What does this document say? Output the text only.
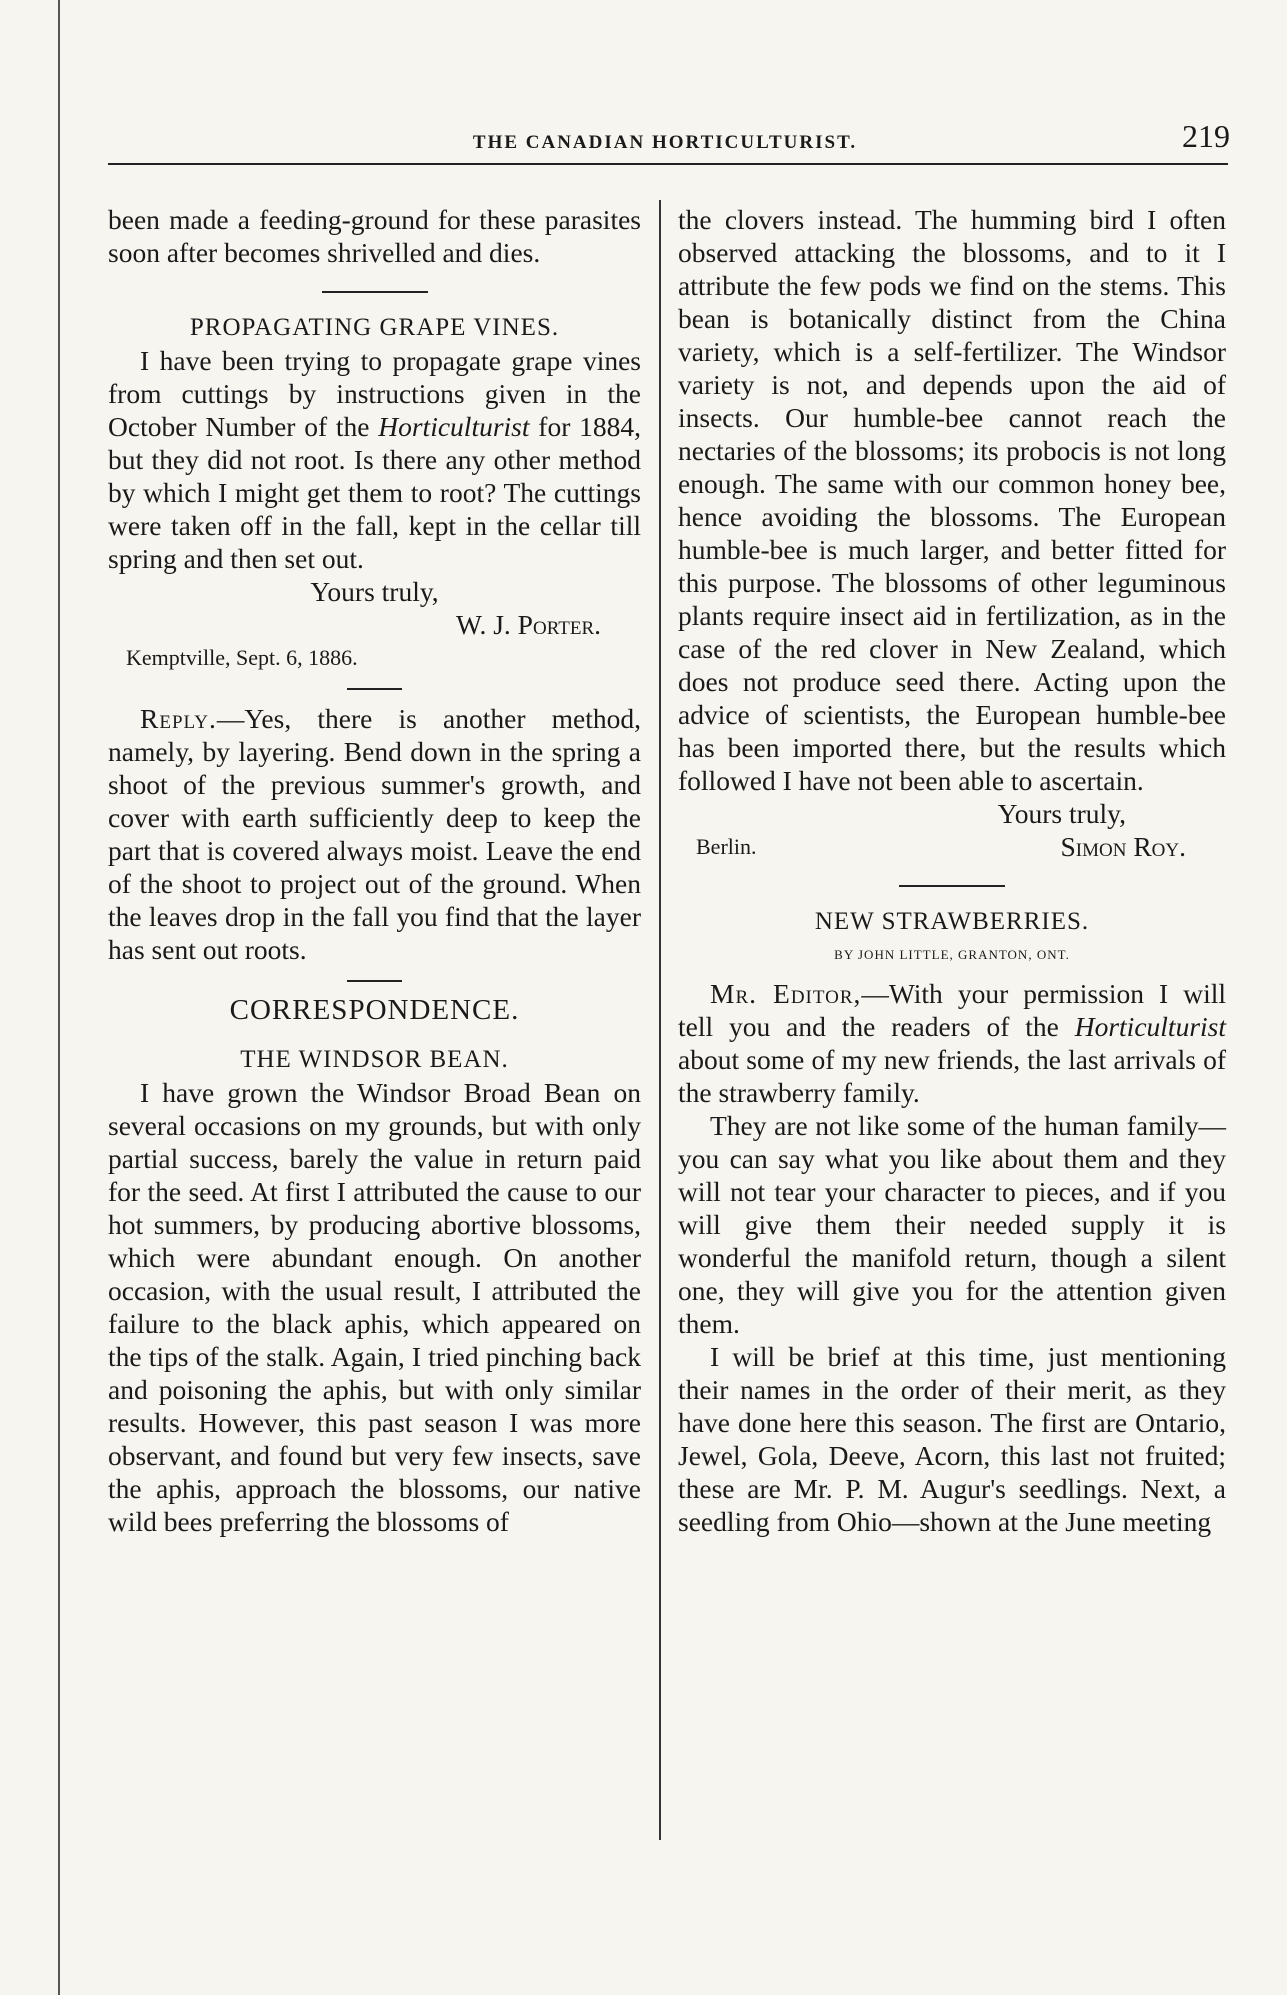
THE CANADIAN HORTICULTURIST.	219

been made a feeding-ground for these parasites soon after becomes shrivelled and dies.

PROPAGATING GRAPE VINES.

I have been trying to propagate grape vines from cuttings by instructions given in the October Number of the Horticulturist for 1884, but they did not root. Is there any other method by which I might get them to root? The cuttings were taken off in the fall, kept in the cellar till spring and then set out.

Yours truly,

W. J. Porter.

Kemptville, Sept. 6, 1886.

Reply.—Yes, there is another method, namely, by layering. Bend down in the spring a shoot of the previous summer's growth, and cover with earth sufficiently deep to keep the part that is covered always moist. Leave the end of the shoot to project out of the ground. When the leaves drop in the fall you find that the layer has sent out roots.

CORRESPONDENCE.

THE WINDSOR BEAN.

I have grown the Windsor Broad Bean on several occasions on my grounds, but with only partial success, barely the value in return paid for the seed. At first I attributed the cause to our hot summers, by producing abortive blossoms, which were abundant enough. On another occasion, with the usual result, I attributed the failure to the black aphis, which appeared on the tips of the stalk. Again, I tried pinching back and poisoning the aphis, but with only similar results. However, this past season I was more observant, and found but very few insects, save the aphis, approach the blossoms, our native wild bees preferring the blossoms of

the clovers instead. The humming bird I often observed attacking the blossoms, and to it I attribute the few pods we find on the stems. This bean is botanically distinct from the China variety, which is a self-fertilizer. The Windsor variety is not, and depends upon the aid of insects. Our humble-bee cannot reach the nectaries of the blossoms; its probocis is not long enough. The same with our common honey bee, hence avoiding the blossoms. The European humble-bee is much larger, and better fitted for this purpose. The blossoms of other leguminous plants require insect aid in fertilization, as in the case of the red clover in New Zealand, which does not produce seed there. Acting upon the advice of scientists, the European humble-bee has been imported there, but the results which followed I have not been able to ascertain.

Yours truly,

Berlin.	Simon Roy.

NEW STRAWBERRIES.

BY JOHN LITTLE, GRANTON, ONT.

Mr. Editor,—With your permission I will tell you and the readers of the Horticulturist about some of my new friends, the last arrivals of the strawberry family.

They are not like some of the human family—you can say what you like about them and they will not tear your character to pieces, and if you will give them their needed supply it is wonderful the manifold return, though a silent one, they will give you for the attention given them.

I will be brief at this time, just mentioning their names in the order of their merit, as they have done here this season. The first are Ontario, Jewel, Gola, Deeve, Acorn, this last not fruited; these are Mr. P. M. Augur's seedlings. Next, a seedling from Ohio—shown at the June meeting
